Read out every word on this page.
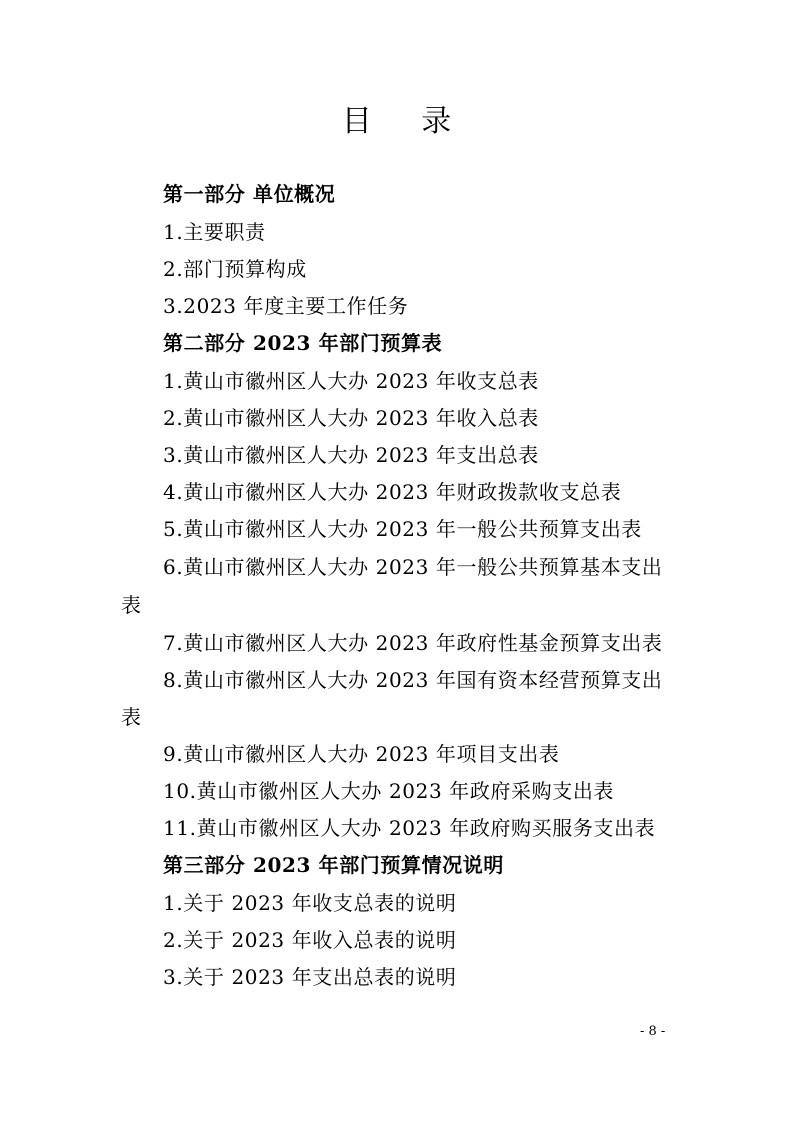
目 录
第一部分 单位概况
1.主要职责
2.部门预算构成
3.2023 年度主要工作任务
第二部分 2023 年部门预算表
1.黄山市徽州区人大办 2023 年收支总表
2.黄山市徽州区人大办 2023 年收入总表
3.黄山市徽州区人大办 2023 年支出总表
4.黄山市徽州区人大办 2023 年财政拨款收支总表
5.黄山市徽州区人大办 2023 年一般公共预算支出表
6.黄山市徽州区人大办 2023 年一般公共预算基本支出
表
7.黄山市徽州区人大办 2023 年政府性基金预算支出表
8.黄山市徽州区人大办 2023 年国有资本经营预算支出
表
9.黄山市徽州区人大办 2023 年项目支出表
10.黄山市徽州区人大办 2023 年政府采购支出表
11.黄山市徽州区人大办 2023 年政府购买服务支出表
第三部分 2023 年部门预算情况说明
1.关于 2023 年收支总表的说明
2.关于 2023 年收入总表的说明
3.关于 2023 年支出总表的说明
- 8 -
